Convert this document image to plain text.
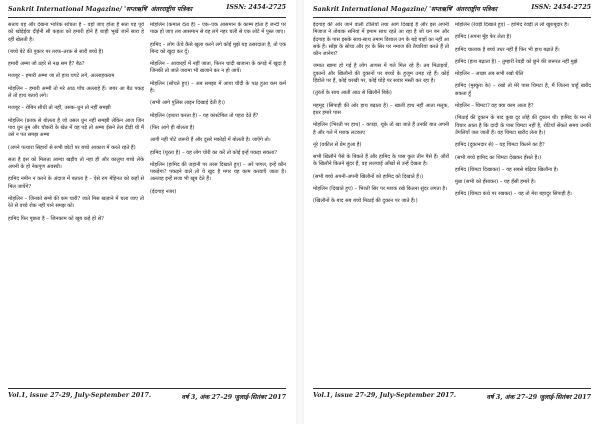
Sankrit International Magazine/ 'सप्तऋषि' अंतरराष्ट्रीय पत्रिका	ISSN: 2454-2725

सताय यह और देखना भारिक सोचता है – वहाँ जाए होता है सता यह पूर्व को खोड़ेईया दीर्हनी सी कहता को हमारी होने है शाही भूखें जानें सारा हे रहीं खेलती है।

(बच्चे बेटे की पुकार पर तरफ–तरफ़ से सारी बच्चे है)

हमारी अम्मा जो ठहरे से नक्ष सम है? बैठ?

मजबूर – हमारी अम्मा जा तो हाथ चपटे लगे, अल्लाहकराम

मोहलिन – हमारी अम्मी तो मरे आठ पाँच अल्लाहे हैं। जबर आ बैठ पकड़ ले तो हाथ बताये लगे।

मजबूर – रोबिन सीधी तो नहीं, उसक–धुन तो नहीं समझी

मोहलिन (फ्राक से बोलता है जो उसल धुन नहीं समझी लेकिन आज जिन पाव धुन तुम और चौकरी के खेत में वह पड़े तो अम्मा ईसने तेल दीड़ी थी मैं उसे न पत समझ अम्मा

(अपने पत्थारा सिहारों से सभी छोटों पर बच्चे आकाश में करते रहते हैं)

सता है इस को मिलता आम्वा खड़ीय तो नहा ही और कालुपा बच्चे लेके अपनी के हो नेकपूण अवस्थी।

हामिद नमीन न करने के अंदाज में बताता है – ऐसे रुप मेहिनत को कहाँ से मिल जायेंगे?

मोहलिन – जिनको सम्बे की कम चारी? जाते मिस खज़ाने में चला जाए तो रेते से वच्चे रोक नहीं पाने समझ को।

हामिद फिर पूछता है – जिनकाम को खूब कहे हो से?

मोहलिन (कमाल देता है) – एक–एक आसमान के काम्म होता है जन्दी पर पाक्र हो जाए तब आसमान से वह लगे नहर चली से एक लोटे में पुस्त जाए।

हामिद – लोग ऊँचे कैसे खुला करने लगे कोई मुझे यह ठसरदाता है, तो एक बिन्द को खुदा कर दूँ।

मोहलिन – आवारहों में नहीं जाता, फिरन चांदी खजाना के कपड़े में खुदा है जिनकी तो जाते जरामा भी खजाने कर न हो जायें।

मोहलिन (सोचते हुए) – अब समझा में आया चौदी के पक्ष हुआ कम कर्म है।

(सभी आगे पुलिस लाइन दिखाई देती है।)

मोहलिन (इशारा करता है) – यह कांस्टेबिल तो पहरा देते हैं?

(फिर आगे ही बोलता है)

आगी नहीं पोटे जरूरी हैं और दूसरे मकोड़ों में बोलती है। जाएँगे तो।

हामिद (घूरता है) – यह लोग चोरी का करें तो कोई इन्हें पकड़ा सकता?

मोहलिन (हामिद की जहानी पर तरस दिखाते हुए) – अरे पागल, इन्हें कौन पकड़ेगा? पकड़ने वाले तो ये खुद है मगर यह काम करवाएँ जाता है। अल्लाह इन्हें सजा भी खूब देते हैं।

(ईदगाह नजर)

Vol.1, issue 27-29, July-September 2017.	वर्ष 3, अंक 27–29 जुलाई-सितंबर 2017
Sankrit International Magazine/ 'सप्तऋषि' अंतरराष्ट्रीय पत्रिका	ISSN: 2454-2725

ईदगाह की ओर जाने वाली टोलियाँ तथा आगे दिखाई है और इस अपनी मिजाज ने तोबाक सनियां में इमाम साथ रहते आ रहा है जो धन बन और ईदगाह के पास इसके साथ-साथ तमाम विशाल उग के बड़े बाहों का नहीं आ सके हैं। साँझ के सोचा और हर के सिर पर नमाज की तैयारियां करते हैं तो कौन जानेगा?

जमात खामा हो गई है लोग आपस में गले मिल रहे हैं। तब मिठाइयों, दुकानों और खिलौनों की दुकानों पर बच्चों के हुजूम उमड़ रहे हैं। कोई हिंडोले पर हैं, कोई चरखी पर, कोई घोड़े पर सवार मस्ती कर रहा है।

(तुरंतों के साथ आती आठ से खिलौनें बिके)

महमूद (सिपाही की ओर हाथ बढ़ाता है) – खाली हाथ नहीं आता मलूक, इधर हमारे पास

मोहलिन (भिश्ती पर हाथ) – कपड़ा, थूके तो खा जाते हैं उनकी बात अपनी है और गले में मशक लटकाए

नूरे (वकील से प्रेम हुआ है)

सभी खिलौने पैसे के बिकते हैं और हामिद के पास कुल तीन पैसे हैं। औरों के खिलौने कितने सुंदर हैं, वह ललचाई आँखों से उन्हें देखता है।

(सभी बच्चे अपनी-अपनी खिलौनों को हामिद को दिखाते हैं।)

मोहलिन (दिखाते हुए) – भिश्ती सिर पर मशक रखे कितना सुंदर लगता है।

(खिलौनों के बाद सब बच्चे मिठाई की दुकान पर जाते हैं।)

मोहलिन (रेवड़ी दिखाते हुए) – हामिद रेवड़ी ले लो खुशबूदार है।

हामिद (अपना मुँह फेर लेता है)

हामिद चालाक है बच्चे उधर नहीं हैं फिर भी हाथ बढ़ाते हैं।

हामिद (हाथ बढ़ाता है) – तुम्हारी रेवड़ी को छूने की जरूरत नहीं मुझे

मोहलिन – अच्छा अब सभी रखो थैलि

हामिद (मुस्कुरा के) – रखो तो मेरे पास चिमटा है, मैं जितना चाहूँ खरीद सकता हूँ

मोहलिन – चिमटा? वह क्या काम आता है?

(मिठाई की दुकान के बाद कुछ दूर लोहे की दुकान थी। हामिद के मन में विचार आता है कि दादी के पास चिमटा नहीं है, रोटियाँ सेंकते समय उनकी उँगलियाँ जल जाती हैं। वह चिमटा खरीद लेता है।)

हामिद (दुकानदार से) – यह चिमटा कितने का है?

(सभी बच्चे हामिद का चिमटा देखकर हँसते हैं।)

हामिद (चिमटा दिखाकर) – यह सबसे बढ़िया खिलौना है।

मुन्ना (सभी को हँसाकर) – यह हँसी हमारे है।

हामिद (चिमटा कंधे पर रखकर) – यह तो मेरा बहादुर सिपाही है।

Vol.1, issue 27-29, July-September 2017.	वर्ष 3, अंक 27–29 जुलाई-सितंबर 2017
